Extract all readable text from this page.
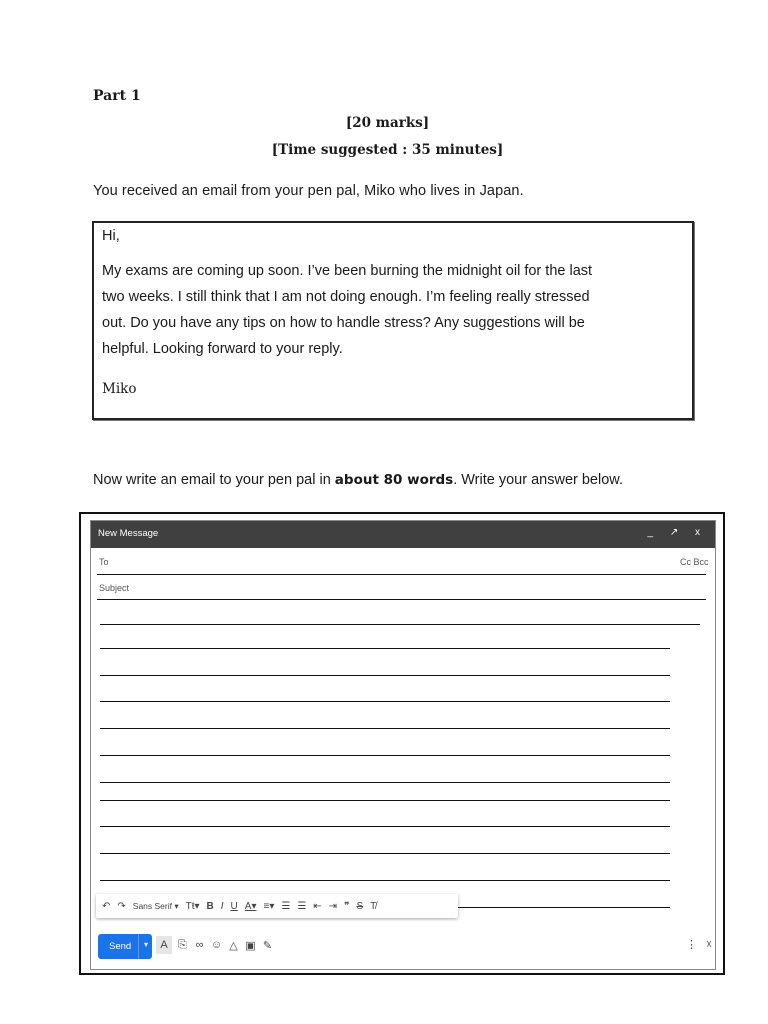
Part 1
[20 marks]
[Time suggested : 35 minutes]
You received an email from your pen pal, Miko who lives in Japan.
Hi,
My exams are coming up soon. I’ve been burning the midnight oil for the last
two weeks. I still think that I am not doing enough. I’m feeling really stressed
out. Do you have any tips on how to handle stress? Any suggestions will be
helpful. Looking forward to your reply.
Miko
Now write an email to your pen pal in about 80 words. Write your answer below.
New Message	_ ↗ x
To	Cc Bcc
Subject
↶ ↷ Sans Serif ▾ Tŧ▾ B I U A▾ ≡▾ ☰ ☰ ⇤ ⇥ ❞ S T̸
Send ▾	A ⎘ ∞ ☺ △ ▣ ✎	⋮ ☓
